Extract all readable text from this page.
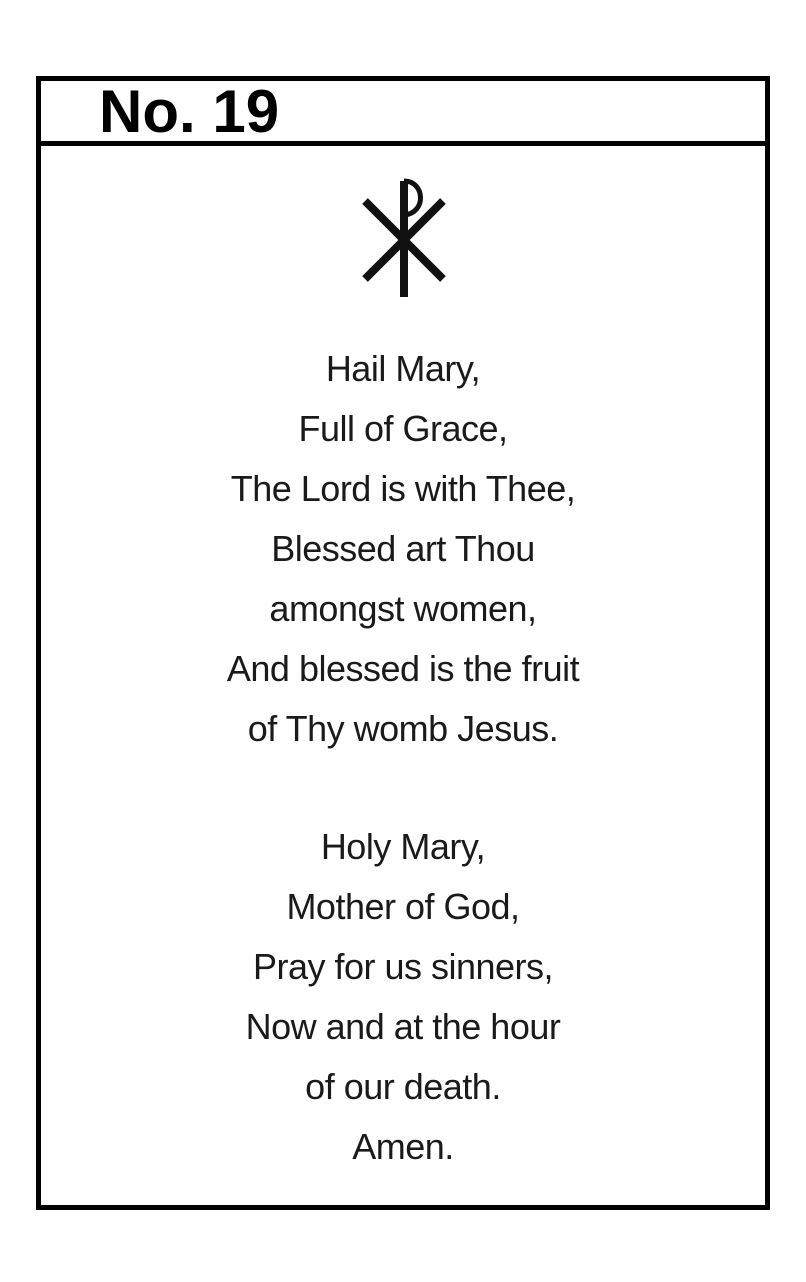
No. 19
Hail Mary,
Full of Grace,
The Lord is with Thee,
Blessed art Thou
amongst women,
And blessed is the fruit
of Thy womb Jesus.
Holy Mary,
Mother of God,
Pray for us sinners,
Now and at the hour
of our death.
Amen.
